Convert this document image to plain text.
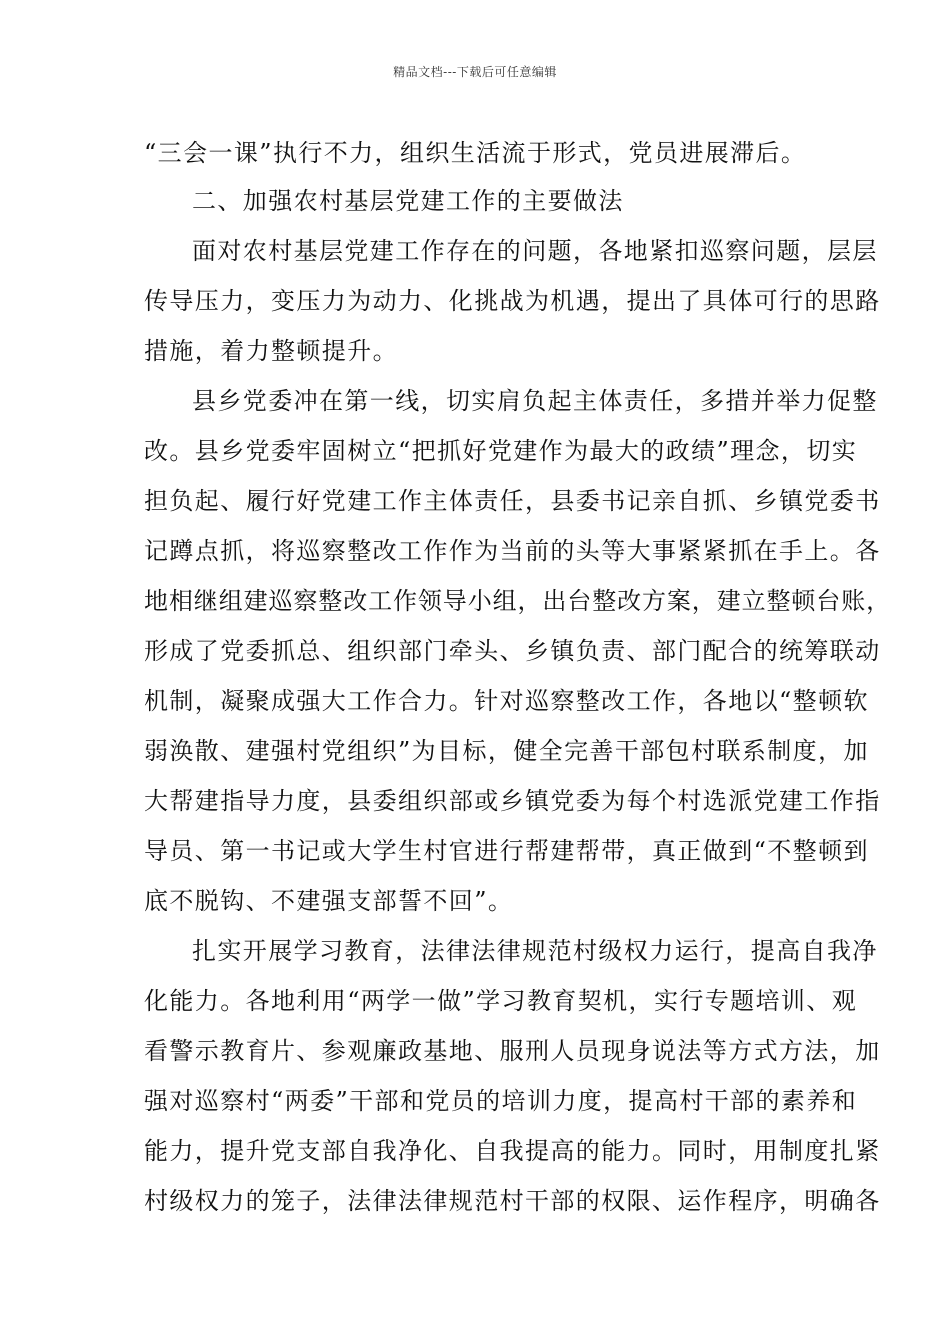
精品文档---下载后可任意编辑
“三会一课”执行不力，组织生活流于形式，党员进展滞后。
二、加强农村基层党建工作的主要做法
面对农村基层党建工作存在的问题，各地紧扣巡察问题，层层
传导压力，变压力为动力、化挑战为机遇，提出了具体可行的思路
措施，着力整顿提升。
县乡党委冲在第一线，切实肩负起主体责任，多措并举力促整
改。县乡党委牢固树立“把抓好党建作为最大的政绩”理念，切实
担负起、履行好党建工作主体责任，县委书记亲自抓、乡镇党委书
记蹲点抓，将巡察整改工作作为当前的头等大事紧紧抓在手上。各
地相继组建巡察整改工作领导小组，出台整改方案，建立整顿台账，
形成了党委抓总、组织部门牵头、乡镇负责、部门配合的统筹联动
机制，凝聚成强大工作合力。针对巡察整改工作，各地以“整顿软
弱涣散、建强村党组织”为目标，健全完善干部包村联系制度，加
大帮建指导力度，县委组织部或乡镇党委为每个村选派党建工作指
导员、第一书记或大学生村官进行帮建帮带，真正做到“不整顿到
底不脱钩、不建强支部誓不回”。
扎实开展学习教育，法律法律规范村级权力运行，提高自我净
化能力。各地利用“两学一做”学习教育契机，实行专题培训、观
看警示教育片、参观廉政基地、服刑人员现身说法等方式方法，加
强对巡察村“两委”干部和党员的培训力度，提高村干部的素养和
能力，提升党支部自我净化、自我提高的能力。同时，用制度扎紧
村级权力的笼子，法律法律规范村干部的权限、运作程序，明确各
